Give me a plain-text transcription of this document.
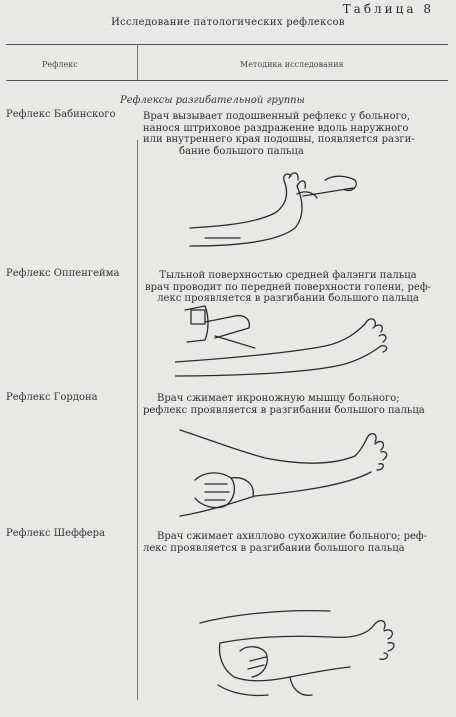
Таблица 8
Исследование патологических рефлексов
Рефлекс	Методика исследования
Рефлексы разгибательной группы
Рефлекс Бабинского	Врач вызывает подошвенный рефлекс у больного,
нанося штриховое раздражение вдоль наружного
или внутреннего края подошвы, появляется разги-
бание большого пальца
Рефлекс Оппенгейма	Тыльной поверхностью средней фалэнги пальца
врач проводит по передней поверхности голени, реф-
лекс проявляется в разгибании большого пальца
Рефлекс Гордона	Врач сжимает икроножную мышцу больного;
рефлекс проявляется в разгибании большого пальца
Рефлекс Шеффера	Врач сжимает ахиллово сухожилие больного; реф-
лекс проявляется в разгибании большого пальца
